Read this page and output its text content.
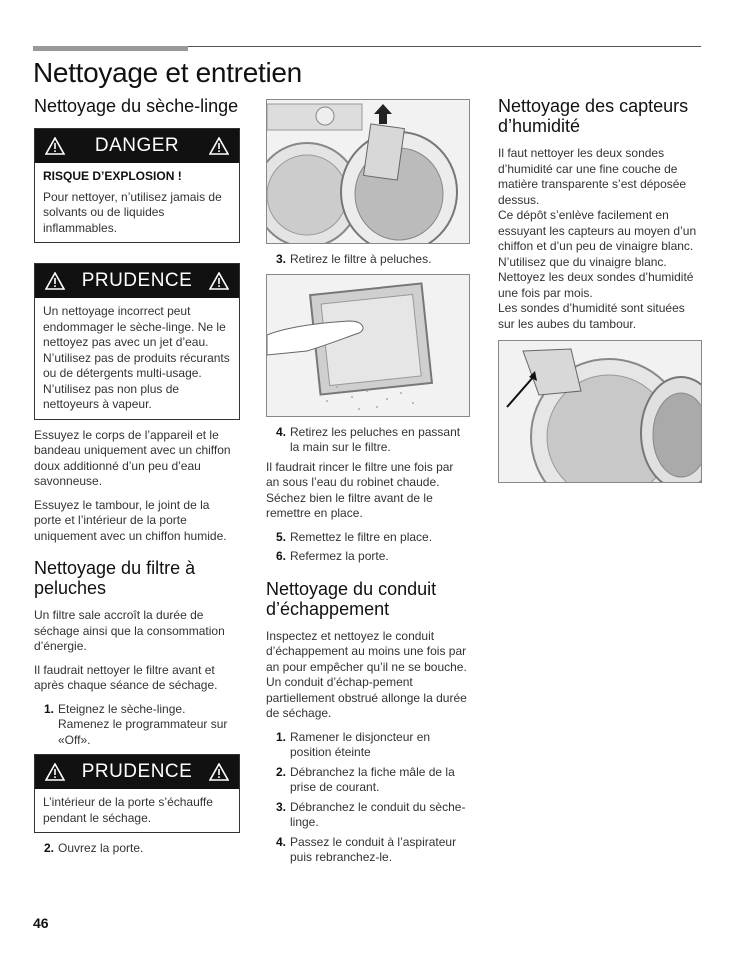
Nettoyage et entretien
Nettoyage du sèche-linge
DANGER

RISQUE D’EXPLOSION !

Pour nettoyer, n’utilisez jamais de solvants ou de liquides inflammables.

PRUDENCE

Un nettoyage incorrect peut endommager le sèche-linge. Ne le nettoyez pas avec un jet d’eau. N’utilisez pas de produits récurants ou de détergents multi-usage. N’utilisez pas non plus de nettoyeurs à vapeur.

Essuyez le corps de l’appareil et le bandeau uniquement avec un chiffon doux additionné d’un peu d’eau savonneuse.

Essuyez le tambour, le joint de la porte et l’intérieur de la porte uniquement avec un chiffon humide.

Nettoyage du filtre à peluches

Un filtre sale accroît la durée de séchage ainsi que la consommation d’énergie.

Il faudrait nettoyer le filtre avant et après chaque séance de séchage.

1. Eteignez le sèche-linge. Ramenez le programmateur sur «Off».
PRUDENCE

L’intérieur de la porte s’échauffe pendant le séchage.

2. Ouvrez la porte.
3. Retirez le filtre à peluches.
4. Retirez les peluches en passant la main sur le filtre.

Il faudrait rincer le filtre une fois par an sous l’eau du robinet chaude. Séchez bien le filtre avant de le remettre en place.

5. Remettez le filtre en place.
6. Refermez la porte.
Nettoyage du conduit d’échappement

Inspectez et nettoyez le conduit d’échappement au moins une fois par an pour empêcher qu’il ne se bouche. Un conduit d’échap-pement partiellement obstrué allonge la durée de séchage.

1. Ramener le disjoncteur en position éteinte
2. Débranchez la fiche mâle de la prise de courant.
3. Débranchez le conduit du sèche-linge.
4. Passez le conduit à l’aspirateur puis rebranchez-le.
Nettoyage des capteurs d’humidité

Il faut nettoyer les deux sondes d’humidité car une fine couche de matière transparente s’est déposée dessus.

Ce dépôt s’enlève facilement en essuyant les capteurs au moyen d’un chiffon et d’un peu de vinaigre blanc.

N’utilisez que du vinaigre blanc. Nettoyez les deux sondes d’humidité une fois par mois.

Les sondes d’humidité sont situées sur les aubes du tambour.

46
